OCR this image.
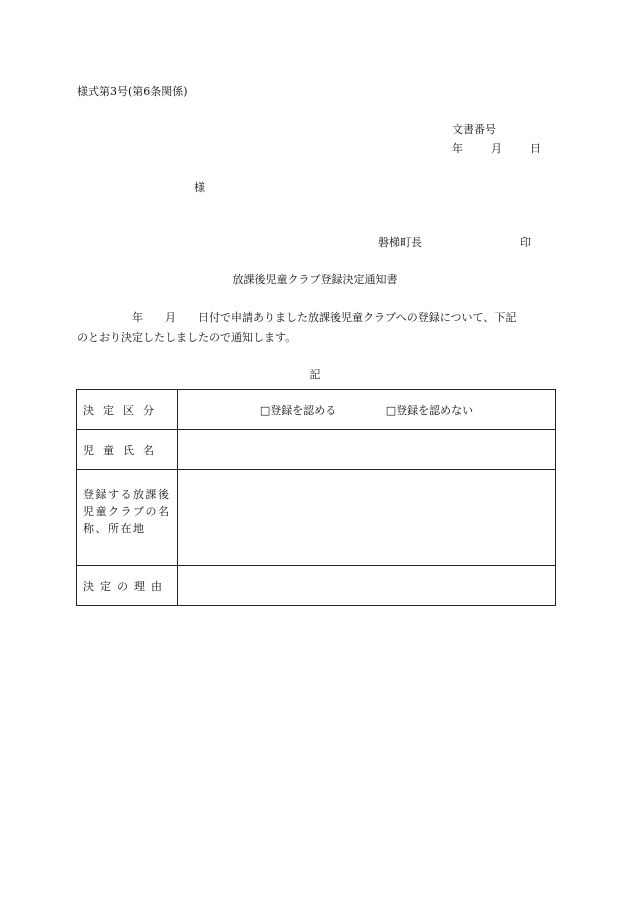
様式第3号(第6条関係)
文書番号
年	月	日
様
磐梯町長	印
放課後児童クラブ登録決定通知書
　　　　　年　　月　　日付で申請ありました放課後児童クラブへの登録について、下記
のとおり決定したしましたので通知します。
記
決定区分	□登録を認める □登録を認めない
児童氏名	
登録する放課後児童クラブの名称、所在地	
決定の理由	
